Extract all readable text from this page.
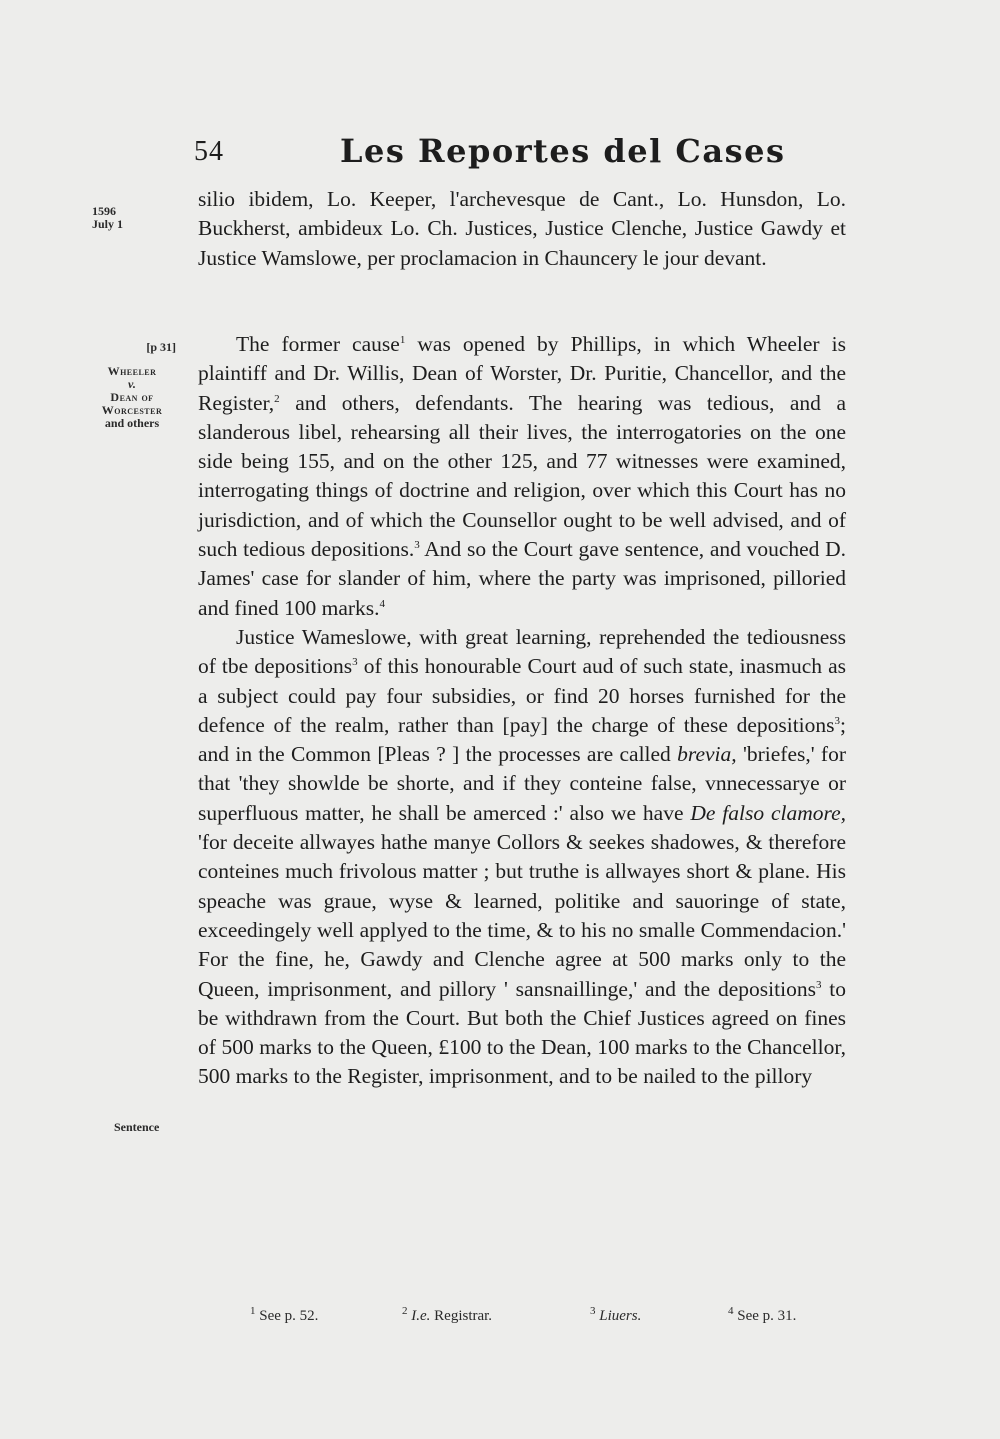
54	Les Reportes del Cases
1596
July 1
[p 31]
Wheeler
v.
Dean of
Worcester
and others
Sentence

silio ibidem, Lo. Keeper, l'archevesque de Cant., Lo. Hunsdon, Lo. Buckherst, ambideux Lo. Ch. Justices, Justice Clenche, Justice Gawdy et Justice Wamslowe, per proclamacion in Chauncery le jour devant.

The former cause$^1$ was opened by Phillips, in which Wheeler is plaintiff and Dr. Willis, Dean of Worster, Dr. Puritie, Chancellor, and the Register,$^2$ and others, defendants. The hearing was tedious, and a slanderous libel, rehearsing all their lives, the interrogatories on the one side being 155, and on the other 125, and 77 witnesses were examined, interrogating things of doctrine and religion, over which this Court has no jurisdiction, and of which the Counsellor ought to be well advised, and of such tedious depositions.$^3$ And so the Court gave sentence, and vouched D. James' case for slander of him, where the party was imprisoned, pilloried and fined 100 marks.$^4$

Justice Wameslowe, with great learning, reprehended the tediousness of tbe depositions$^3$ of this honourable Court aud of such state, inasmuch as a subject could pay four subsidies, or find 20 horses furnished for the defence of the realm, rather than [pay] the charge of these depositions$^3$; and in the Common [Pleas ? ] the processes are called brevia, 'briefes,' for that 'they showlde be shorte, and if they conteine false, vnnecessarye or superfluous matter, he shall be amerced :' also we have De falso clamore, 'for deceite allwayes hathe manye Collors & seekes shadowes, & therefore conteines much frivolous matter ; but truthe is allwayes short & plane. His speache was graue, wyse & learned, politike and sauoringe of state, exceedingely well applyed to the time, & to his no smalle Commendacion.' For the fine, he, Gawdy and Clenche agree at 500 marks only to the Queen, imprisonment, and pillory ' sansnaillinge,' and the depositions$^3$ to be withdrawn from the Court. But both the Chief Justices agreed on fines of 500 marks to the Queen, £100 to the Dean, 100 marks to the Chancellor, 500 marks to the Register, imprisonment, and to be nailed to the pillory

$^1$ See p. 52.	$^2$ I.e. Registrar.	$^3$ Liuers.	$^4$ See p. 31.
